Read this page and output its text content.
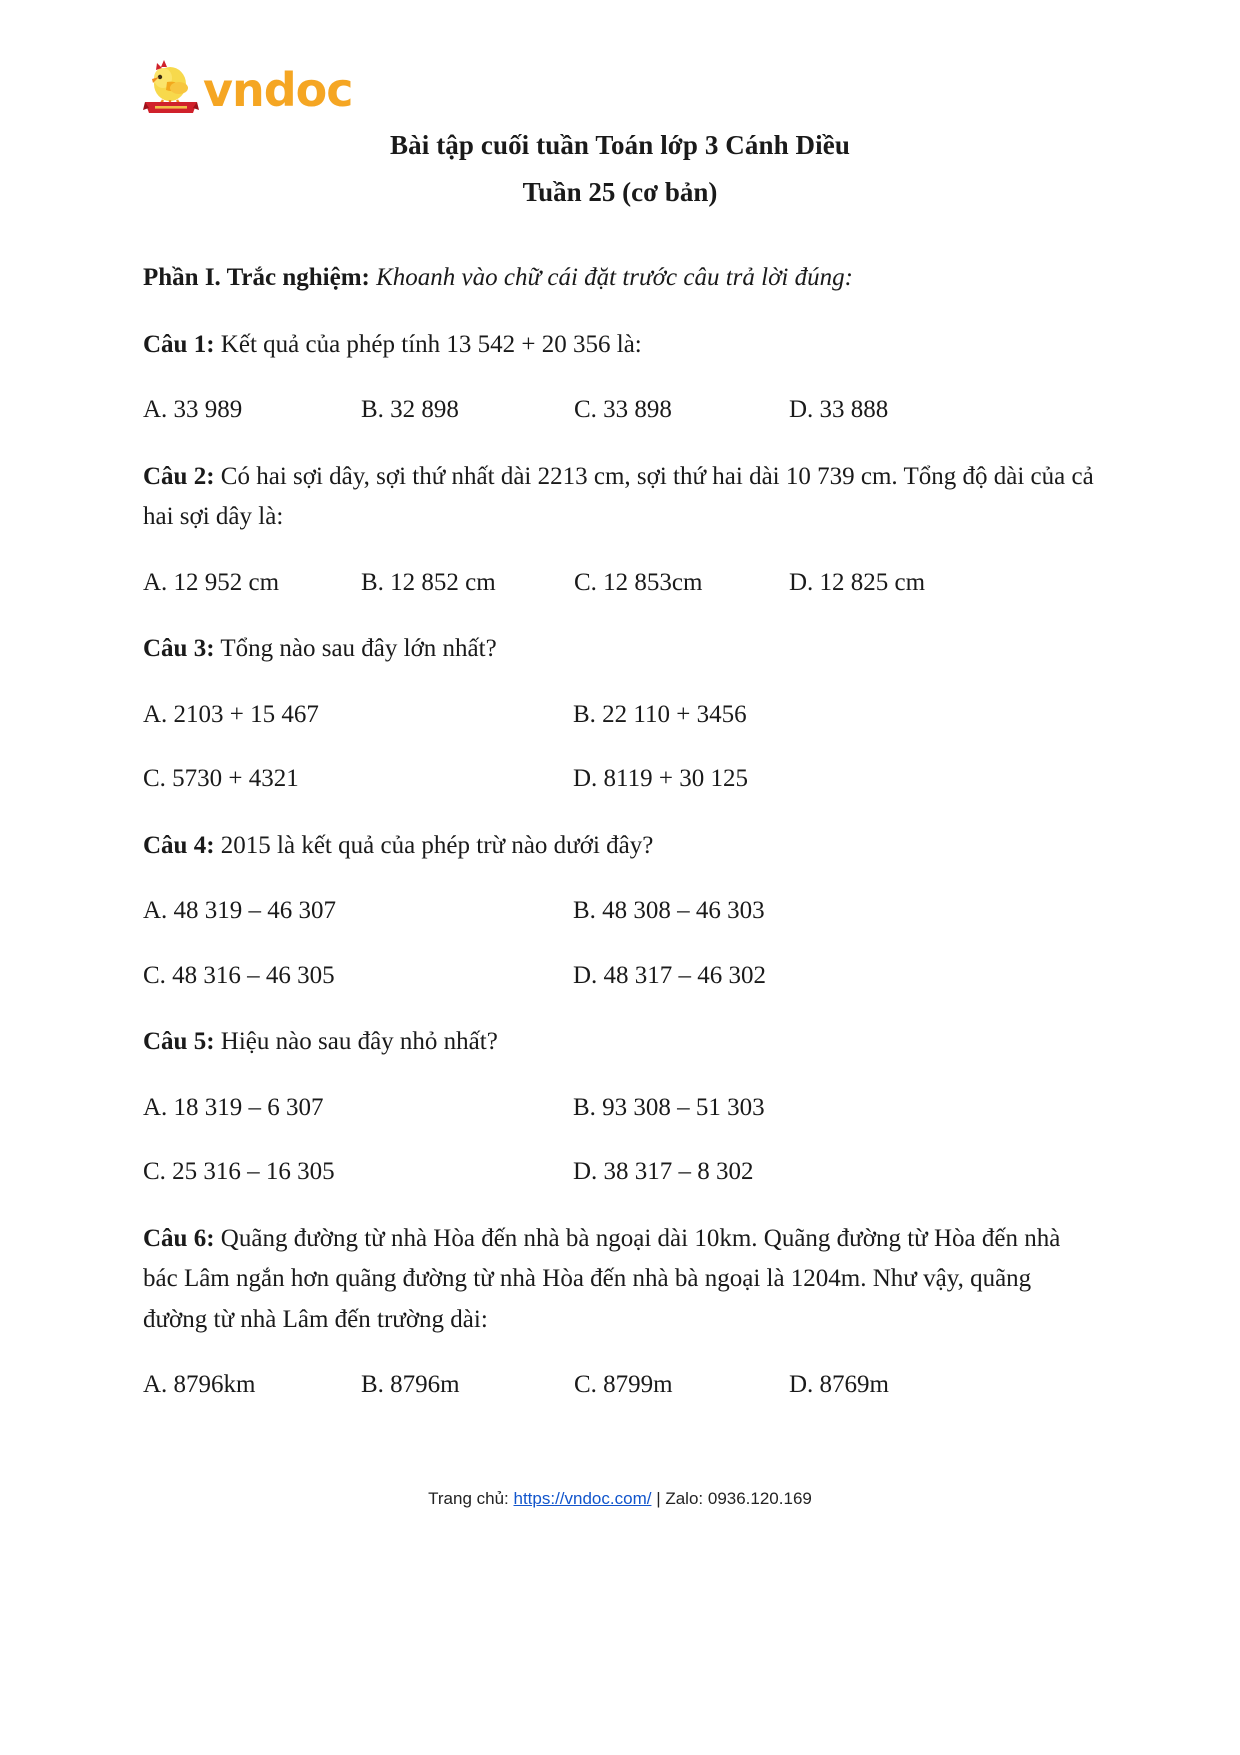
vndoc
Bài tập cuối tuần Toán lớp 3 Cánh Diều
Tuần 25 (cơ bản)

Phần I. Trắc nghiệm: Khoanh vào chữ cái đặt trước câu trả lời đúng:

Câu 1: Kết quả của phép tính 13 542 + 20 356 là:

A. 33 989	B. 32 898	C. 33 898	D. 33 888

Câu 2: Có hai sợi dây, sợi thứ nhất dài 2213 cm, sợi thứ hai dài 10 739 cm. Tổng độ dài của cả hai sợi dây là:

A. 12 952 cm	B. 12 852 cm	C. 12 853cm	D. 12 825 cm

Câu 3: Tổng nào sau đây lớn nhất?

A. 2103 + 15 467	B. 22 110 + 3456
C. 5730 + 4321	D. 8119 + 30 125

Câu 4: 2015 là kết quả của phép trừ nào dưới đây?

A. 48 319 – 46 307	B. 48 308 – 46 303
C. 48 316 – 46 305	D. 48 317 – 46 302

Câu 5: Hiệu nào sau đây nhỏ nhất?

A. 18 319 – 6 307	B. 93 308 – 51 303
C. 25 316 – 16 305	D. 38 317 – 8 302

Câu 6: Quãng đường từ nhà Hòa đến nhà bà ngoại dài 10km. Quãng đường từ Hòa đến nhà bác Lâm ngắn hơn quãng đường từ nhà Hòa đến nhà bà ngoại là 1204m. Như vậy, quãng đường từ nhà Lâm đến trường dài:

A. 8796km	B. 8796m	C. 8799m	D. 8769m
Trang chủ: https://vndoc.com/ | Zalo: 0936.120.169
